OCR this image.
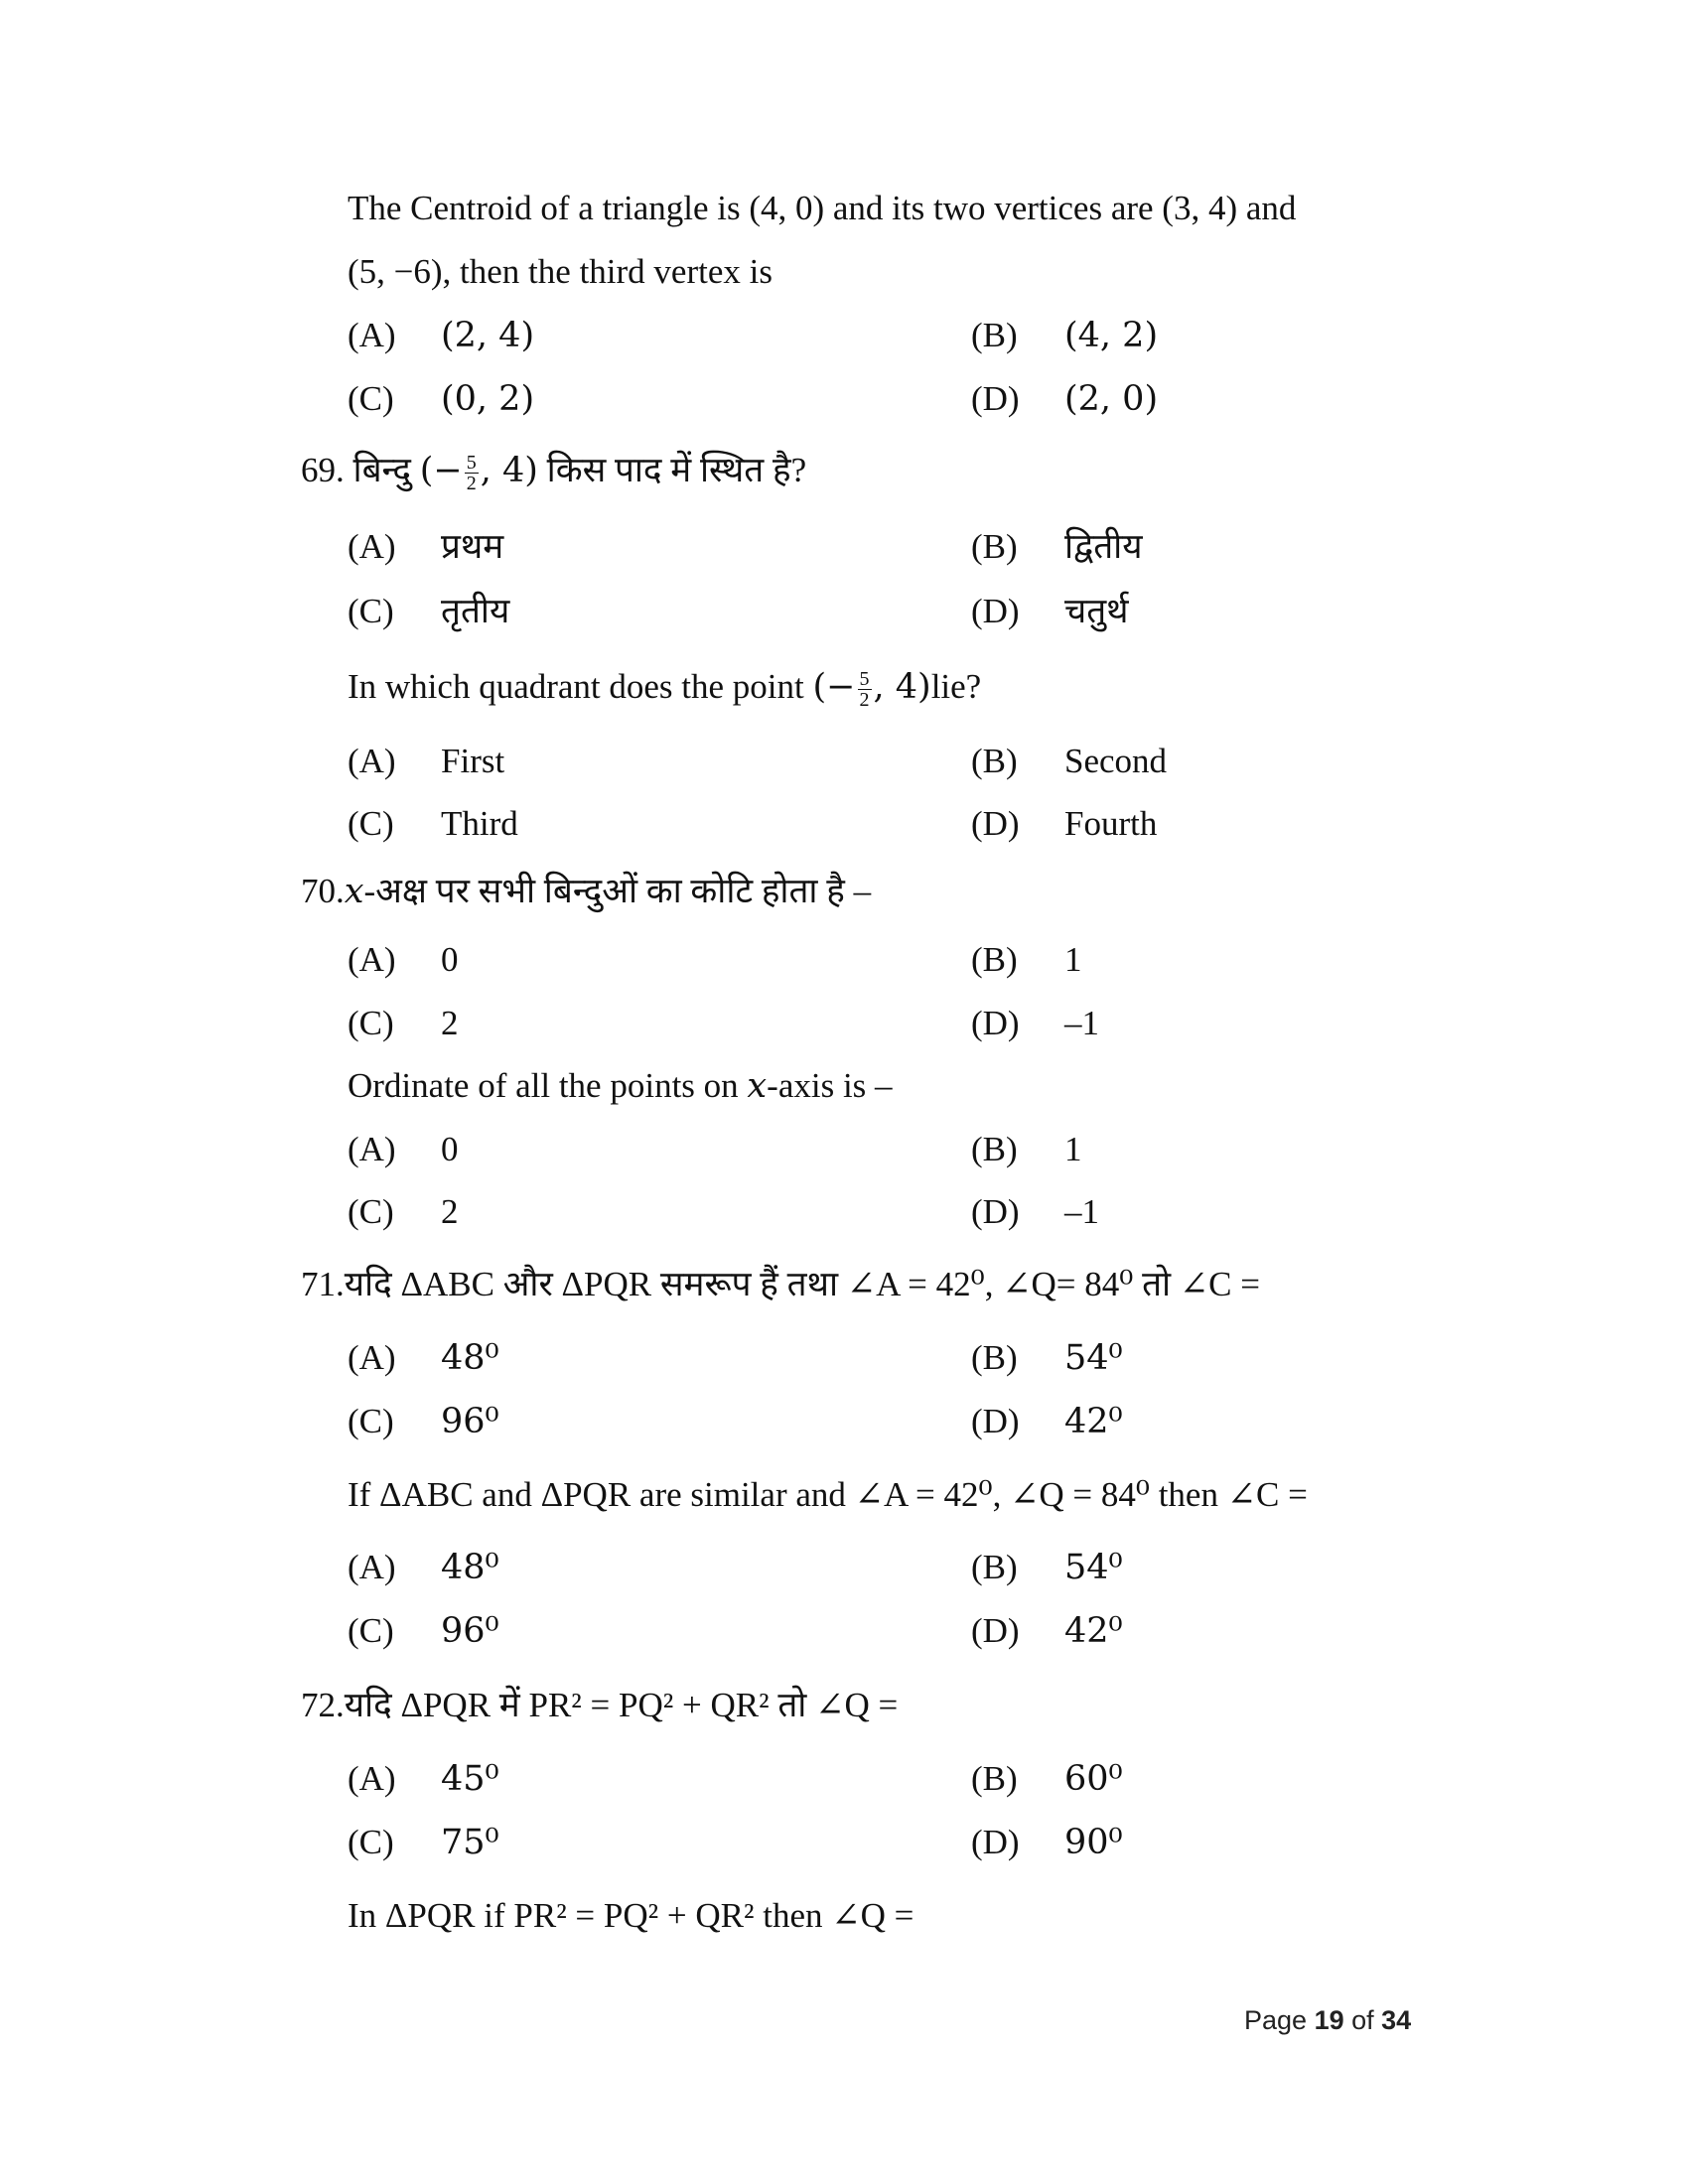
The Centroid of a triangle is (4, 0) and its two vertices are (3, 4) and
(5, −6), then the third vertex is
(A) (2, 4)	(B) (4, 2)
(C) (0, 2)	(D) (2, 0)
69. बिन्दु (− $\frac{5}{2}$ , 4) किस पाद में स्थित है?
(A) प्रथम	(B) द्वितीय
(C) तृतीय	(D) चतुर्थ
In which quadrant does the point (− $\frac{5}{2}$ , 4)lie?
(A) First	(B) Second
(C) Third	(D) Fourth
70.x-अक्ष पर सभी बिन्दुओं का कोटि होता है –
(A) 0	(B) 1
(C) 2	(D) –1
Ordinate of all the points on x-axis is –
(A) 0	(B) 1
(C) 2	(D) –1
71.यदि ΔABC और ΔPQR समरूप हैं तथा ∠A = 42⁰, ∠Q= 84⁰ तो ∠C =
(A) 48⁰	(B) 54⁰
(C) 96⁰	(D) 42⁰
If ΔABC and ΔPQR are similar and ∠A = 42⁰, ∠Q = 84⁰ then ∠C =
(A) 48⁰	(B) 54⁰
(C) 96⁰	(D) 42⁰
72.यदि ΔPQR में PR² = PQ² + QR² तो ∠Q =
(A) 45⁰	(B) 60⁰
(C) 75⁰	(D) 90⁰
In ΔPQR if PR² = PQ² + QR² then ∠Q =
Page 19 of 34
